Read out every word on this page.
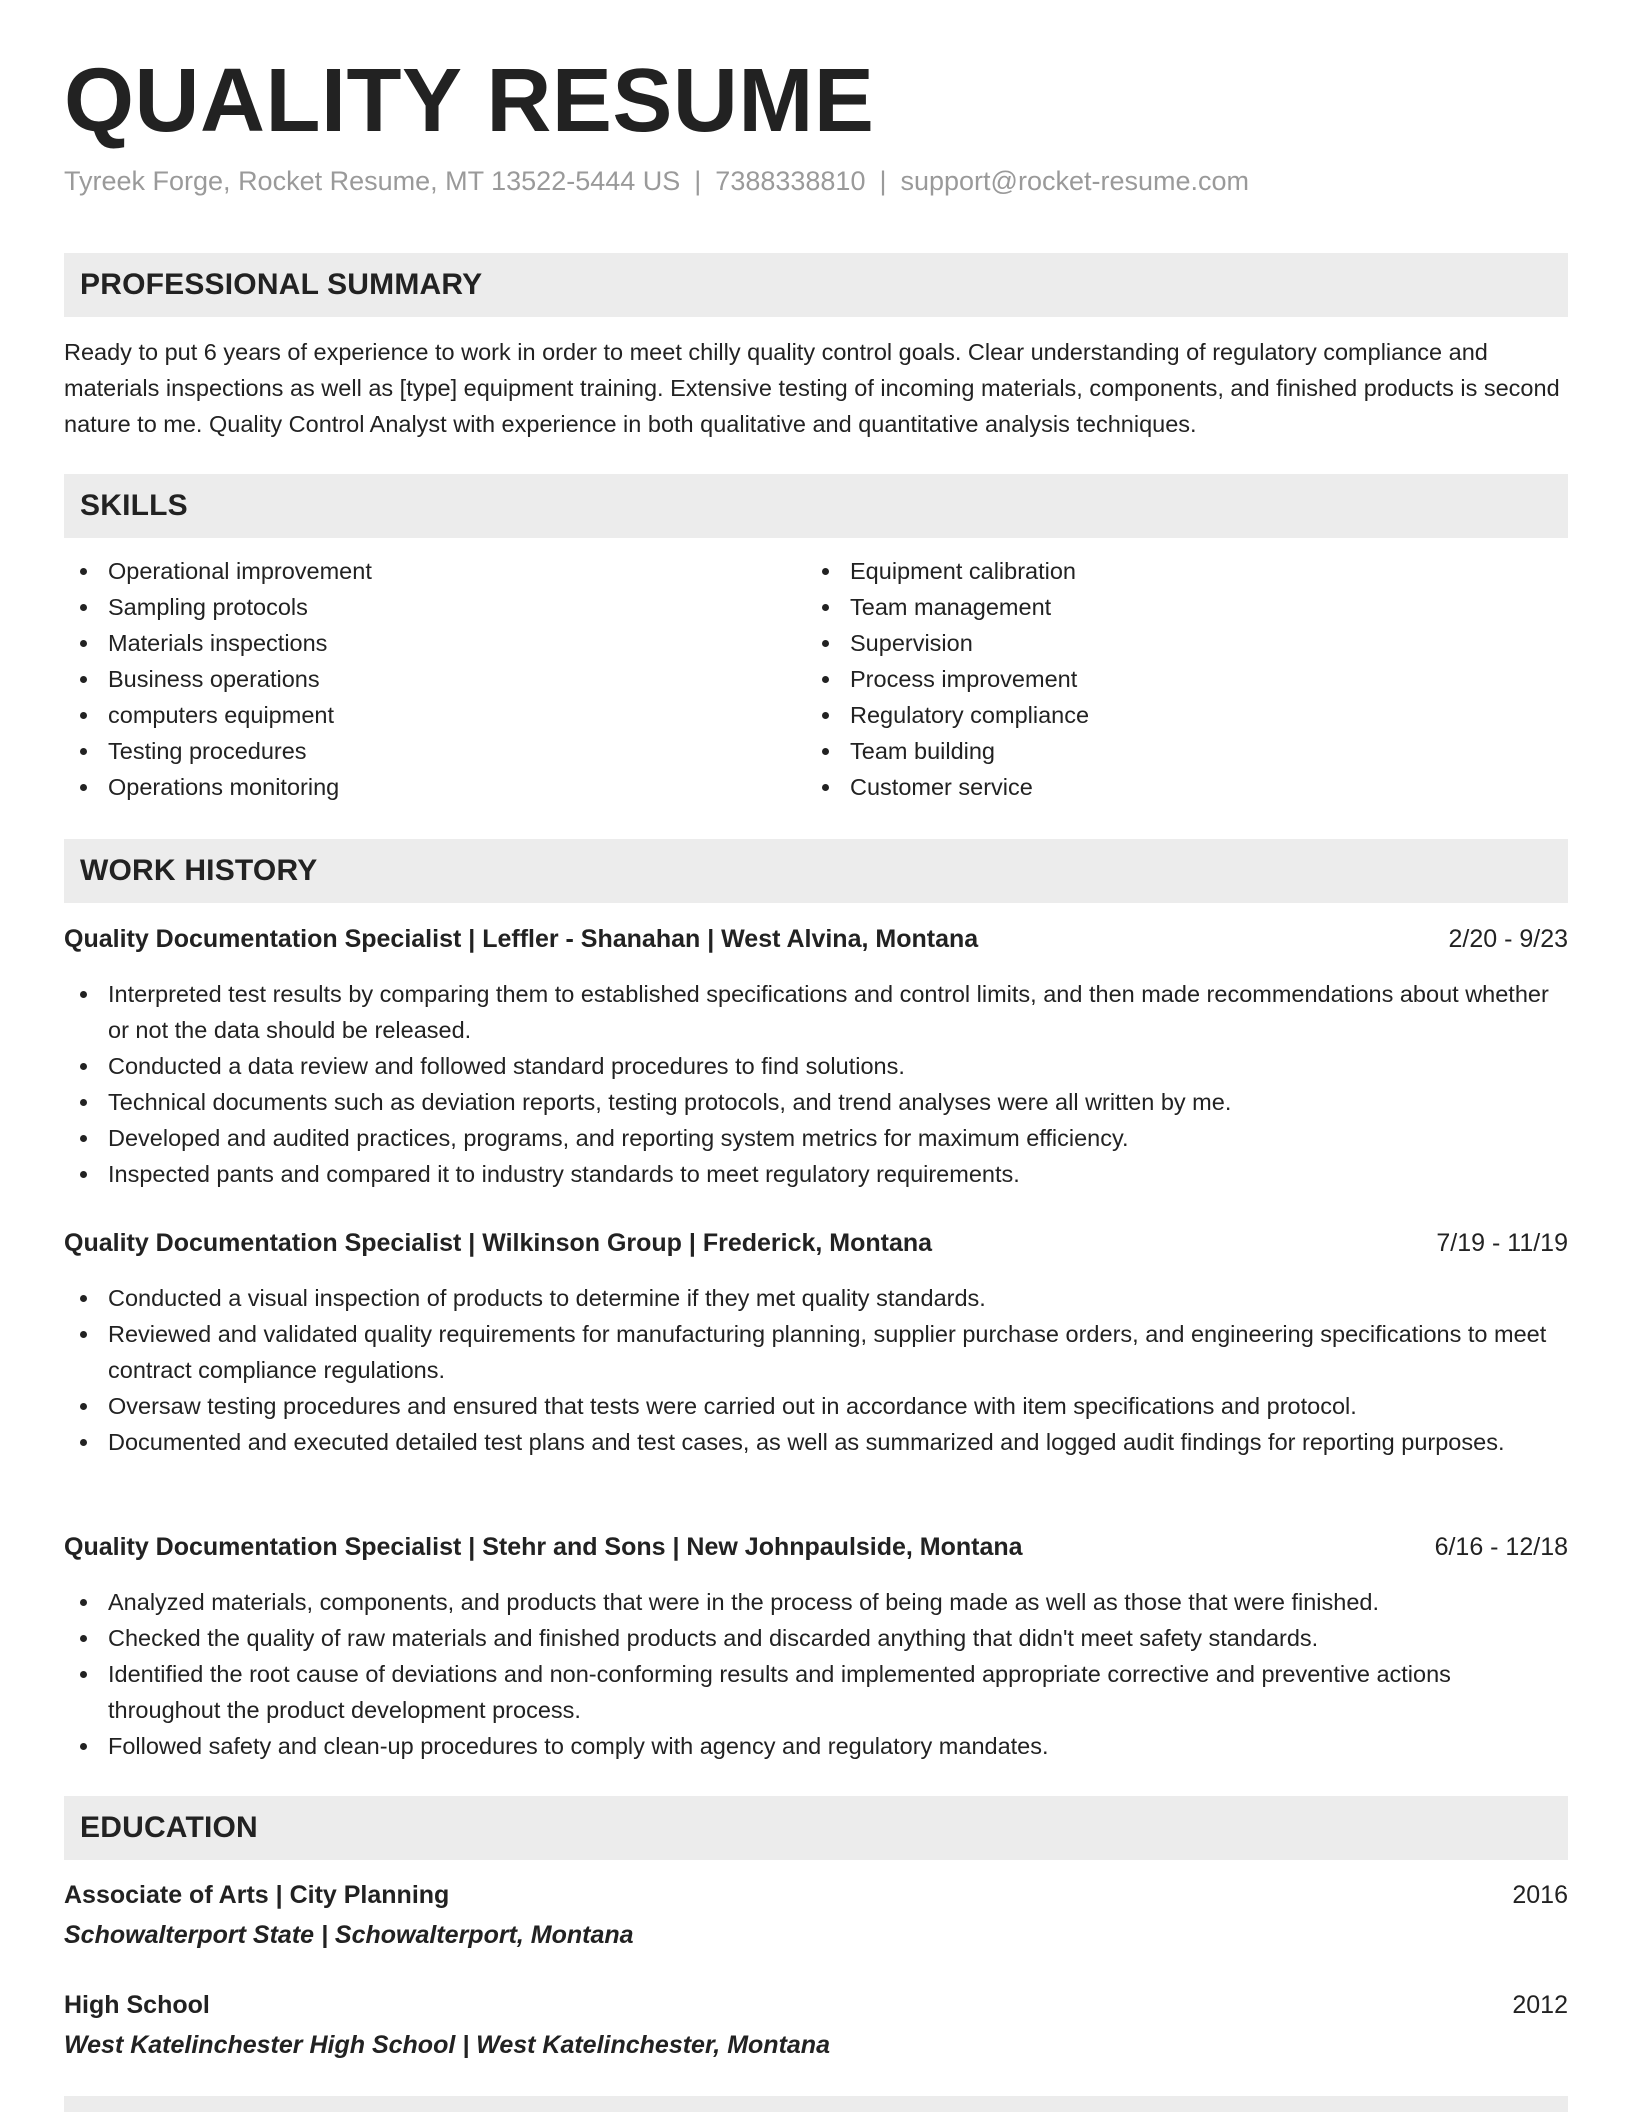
QUALITY RESUME
Tyreek Forge, Rocket Resume, MT 13522-5444 US | 7388338810 | support@rocket-resume.com
PROFESSIONAL SUMMARY

Ready to put 6 years of experience to work in order to meet chilly quality control goals. Clear understanding of regulatory compliance and materials inspections as well as [type] equipment training. Extensive testing of incoming materials, components, and finished products is second nature to me. Quality Control Analyst with experience in both qualitative and quantitative analysis techniques.

SKILLS
Operational improvement
Sampling protocols
Materials inspections
Business operations
computers equipment
Testing procedures
Operations monitoring
Equipment calibration
Team management
Supervision
Process improvement
Regulatory compliance
Team building
Customer service
WORK HISTORY
Quality Documentation Specialist | Leffler - Shanahan | West Alvina, Montana	2/20 - 9/23
Interpreted test results by comparing them to established specifications and control limits, and then made recommendations about whether or not the data should be released.
Conducted a data review and followed standard procedures to find solutions.
Technical documents such as deviation reports, testing protocols, and trend analyses were all written by me.
Developed and audited practices, programs, and reporting system metrics for maximum efficiency.
Inspected pants and compared it to industry standards to meet regulatory requirements.
Quality Documentation Specialist | Wilkinson Group | Frederick, Montana	7/19 - 11/19
Conducted a visual inspection of products to determine if they met quality standards.
Reviewed and validated quality requirements for manufacturing planning, supplier purchase orders, and engineering specifications to meet contract compliance regulations.
Oversaw testing procedures and ensured that tests were carried out in accordance with item specifications and protocol.
Documented and executed detailed test plans and test cases, as well as summarized and logged audit findings for reporting purposes.
Quality Documentation Specialist | Stehr and Sons | New Johnpaulside, Montana	6/16 - 12/18
Analyzed materials, components, and products that were in the process of being made as well as those that were finished.
Checked the quality of raw materials and finished products and discarded anything that didn't meet safety standards.
Identified the root cause of deviations and non-conforming results and implemented appropriate corrective and preventive actions throughout the product development process.
Followed safety and clean-up procedures to comply with agency and regulatory mandates.
EDUCATION
Associate of Arts | City Planning	2016
Schowalterport State | Schowalterport, Montana
High School	2012
West Katelinchester High School | West Katelinchester, Montana
